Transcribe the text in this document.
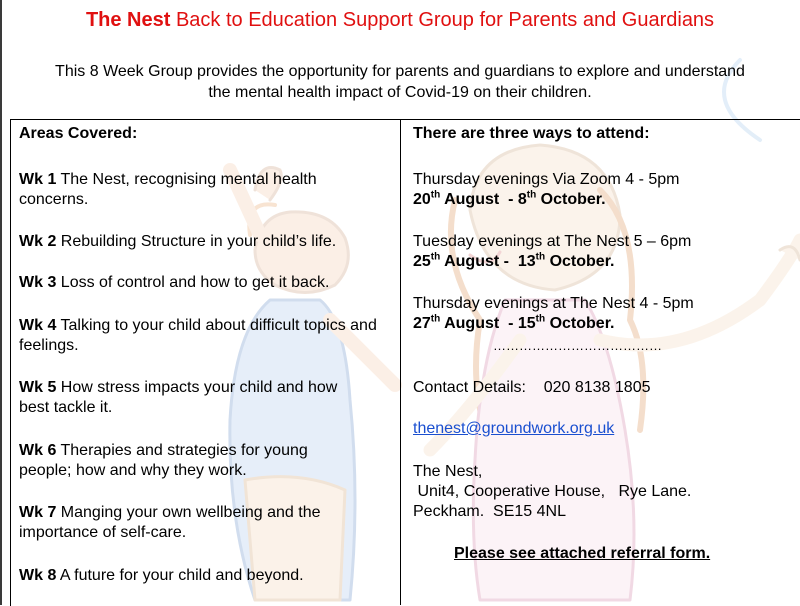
The Nest Back to Education Support Group for Parents and Guardians
This 8 Week Group provides the opportunity for parents and guardians to explore and understand
the mental health impact of Covid-19 on their children.
Areas Covered:
Wk 1 The Nest, recognising mental health concerns.
Wk 2 Rebuilding Structure in your child’s life.
Wk 3 Loss of control and how to get it back.
Wk 4 Talking to your child about difficult topics and feelings.
Wk 5 How stress impacts your child and how best tackle it.
Wk 6 Therapies and strategies for young people; how and why they work.
Wk 7 Manging your own wellbeing and the importance of self-care.
Wk 8 A future for your child and beyond.
There are three ways to attend:
Thursday evenings Via Zoom 4 - 5pm
20th August  - 8th October.
Tuesday evenings at The Nest 5 – 6pm
25th August -  13th October.
Thursday evenings at The Nest 4 - 5pm
27th August  - 15th October.
…………………………………
Contact Details:    020 8138 1805
thenest@groundwork.org.uk
The Nest,
Unit4, Cooperative House,   Rye Lane.
Peckham.  SE15 4NL
Please see attached referral form.
